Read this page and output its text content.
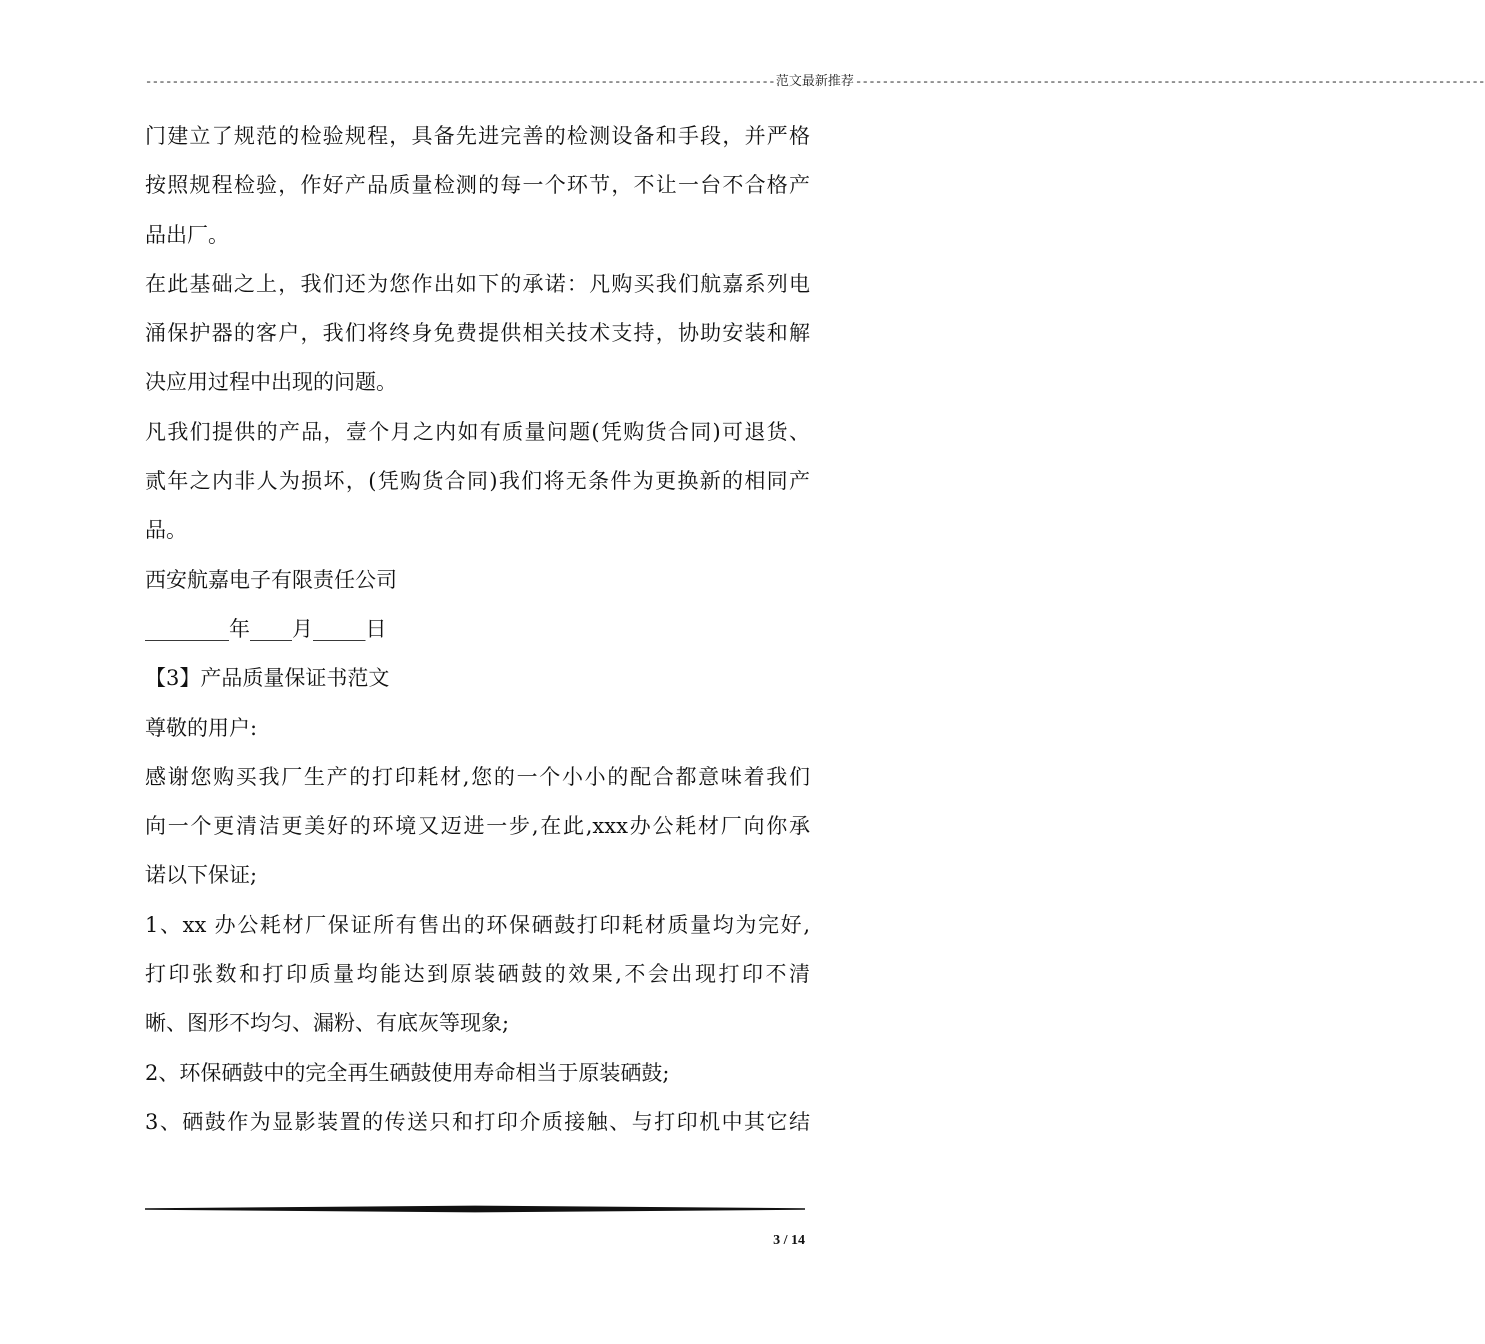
---------------------------------------------------------------------------------------------- 范文最新推荐 ----------------------------------------------------------------------------------------------
门建立了规范的检验规程，具备先进完善的检测设备和手段，并严格
按照规程检验，作好产品质量检测的每一个环节，不让一台不合格产
品出厂。
在此基础之上，我们还为您作出如下的承诺：凡购买我们航嘉系列电
涌保护器的客户，我们将终身免费提供相关技术支持，协助安装和解
决应用过程中出现的问题。
凡我们提供的产品，壹个月之内如有质量问题(凭购货合同)可退货、
贰年之内非人为损坏，(凭购货合同)我们将无条件为更换新的相同产
品。
西安航嘉电子有限责任公司
________年____月_____日
【3】产品质量保证书范文
尊敬的用户:
感谢您购买我厂生产的打印耗材,您的一个小小的配合都意味着我们
向一个更清洁更美好的环境又迈进一步,在此,xxx办公耗材厂向你承
诺以下保证;
1、xx 办公耗材厂保证所有售出的环保硒鼓打印耗材质量均为完好,
打印张数和打印质量均能达到原装硒鼓的效果,不会出现打印不清
晰、图形不均匀、漏粉、有底灰等现象;
2、环保硒鼓中的完全再生硒鼓使用寿命相当于原装硒鼓;
3、硒鼓作为显影装置的传送只和打印介质接触、与打印机中其它结
3 / 14
